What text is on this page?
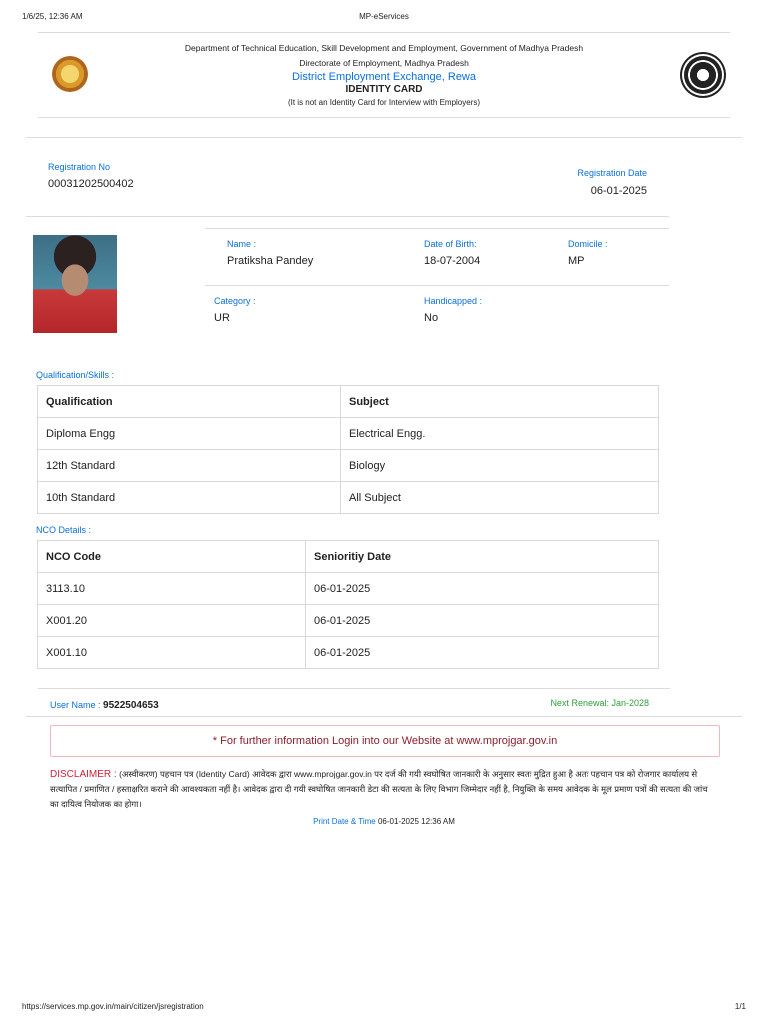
1/6/25, 12:36 AM	MP-eServices
Department of Technical Education, Skill Development and Employment, Government of Madhya Pradesh
Directorate of Employment, Madhya Pradesh
District Employment Exchange, Rewa
IDENTITY CARD
(It is not an Identity Card for Interview with Employers)
Registration No
00031202500402
Registration Date
06-01-2025
Name :
Pratiksha Pandey
Date of Birth:
18-07-2004
Domicile :
MP
Category :
UR
Handicapped :
No
Qualification/Skills :
Qualification	Subject
Diploma Engg	Electrical Engg.
12th Standard	Biology
10th Standard	All Subject
NCO Details :
NCO Code	Senioritiy Date
3113.10	06-01-2025
X001.20	06-01-2025
X001.10	06-01-2025
User Name : 9522504653	Next Renewal: Jan-2028
* For further information Login into our Website at www.mprojgar.gov.in
DISCLAIMER : (अस्वीकरण) पहचान पत्र (Identity Card) आवेदक द्वारा www.mprojgar.gov.in पर दर्ज की गयी स्वघोषित जानकारी के अनुसार स्वतः मुद्रित हुआ है अतः पहचान पत्र को रोजगार कार्यालय से सत्यापित / प्रमाणित / हस्ताक्षरित कराने की आवश्यकता नहीं है। आवेदक द्वारा दी गयी स्वघोषित जानकारी डेटा की सत्यता के लिए विभाग जिम्मेदार नहीं है, नियुक्ति के समय आवेदक के मूल प्रमाण पत्रों की सत्यता की जांच का दायित्व नियोजक का होगा।
Print Date & Time 06-01-2025 12:36 AM
https://services.mp.gov.in/main/citizen/jsregistration	1/1
